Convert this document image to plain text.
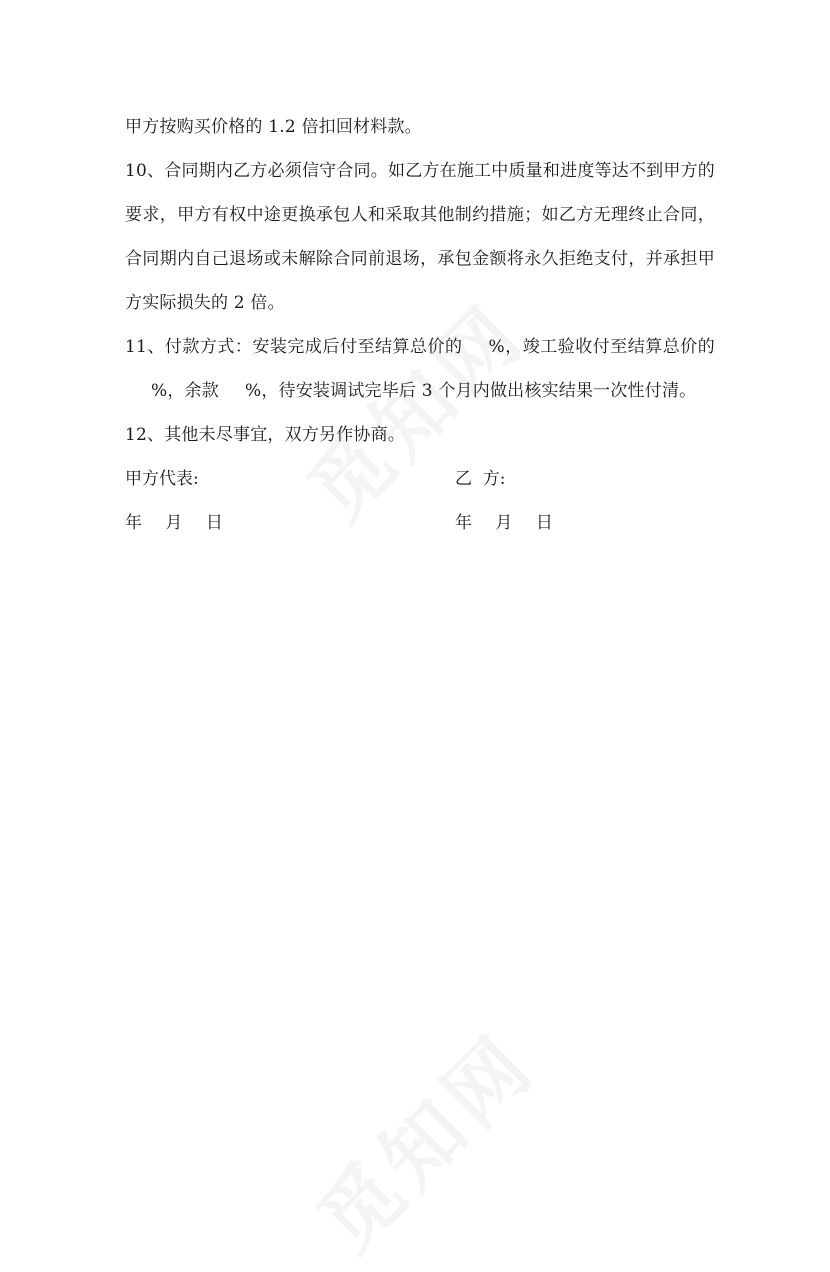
甲方按购买价格的 1.2 倍扣回材料款。

10、合同期内乙方必须信守合同。如乙方在施工中质量和进度等达不到甲方的要求，甲方有权中途更换承包人和采取其他制约措施；如乙方无理终止合同，合同期内自己退场或未解除合同前退场，承包金额将永久拒绝支付，并承担甲方实际损失的 2 倍。

11、付款方式：安装完成后付至结算总价的 %，竣工验收付至结算总价的%，余款 %，待安装调试完毕后 3 个月内做出核实结果一次性付清。

12、其他未尽事宜，双方另作协商。

甲方代表:	乙  方:
年 月 日	年 月 日
